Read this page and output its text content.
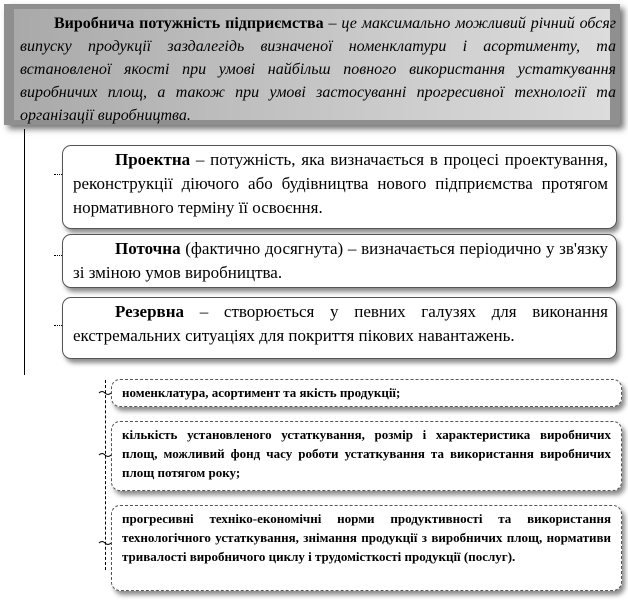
Виробнича потужність підприємства – це максимально можливий річний обсяг випуску продукції заздалегідь визначеної номенклатури і асортименту, та встановленої якості при умові найбільш повного використання устаткування виробничих площ, а також при умові застосуванні прогресивної технології та організації виробництва.
Проектна – потужність, яка визначається в процесі проектування, реконструкції діючого або будівництва нового підприємства протягом нормативного терміну її освоєння.
Поточна (фактично досягнута) – визначається періодично у зв'язку зі зміною умов виробництва.
Резервна – створюється у певних галузях для виконання екстремальних ситуаціях для покриття пікових навантажень.
номенклатура, асортимент та якість продукції;
кількість установленого устаткування, розмір і характеристика виробничих площ, можливий фонд часу роботи устаткування та використання виробничих площ потягом року;
прогресивні техніко-економічні норми продуктивності та використання технологічного устаткування, знімання продукції з виробничих площ, нормативи тривалості виробничого циклу і трудомісткості продукції (послуг).
